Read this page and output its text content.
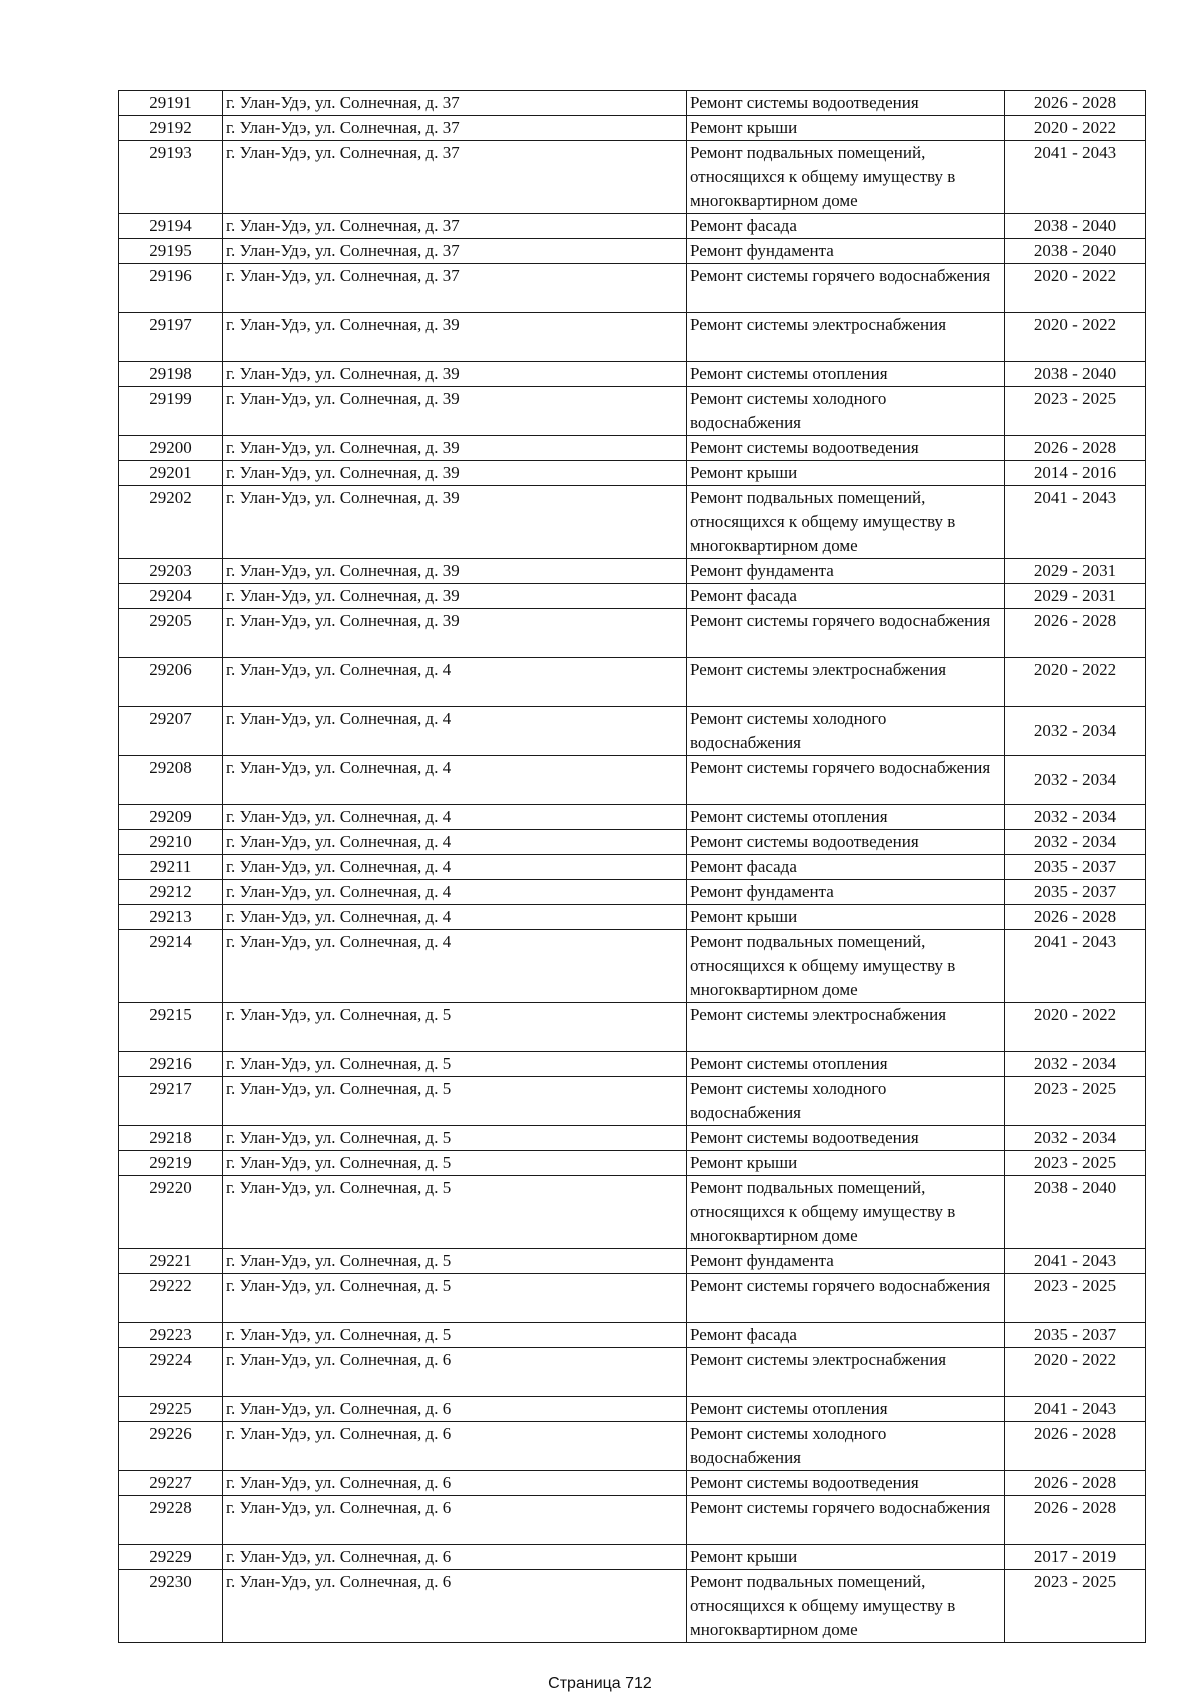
29191	г. Улан-Удэ, ул. Солнечная, д. 37	Ремонт системы водоотведения	2026 - 2028
29192	г. Улан-Удэ, ул. Солнечная, д. 37	Ремонт крыши	2020 - 2022
29193	г. Улан-Удэ, ул. Солнечная, д. 37	Ремонт подвальных помещений, относящихся к общему имуществу в многоквартирном доме	2041 - 2043
29194	г. Улан-Удэ, ул. Солнечная, д. 37	Ремонт фасада	2038 - 2040
29195	г. Улан-Удэ, ул. Солнечная, д. 37	Ремонт фундамента	2038 - 2040
29196	г. Улан-Удэ, ул. Солнечная, д. 37	Ремонт системы горячего водоснабжения	2020 - 2022
29197	г. Улан-Удэ, ул. Солнечная, д. 39	Ремонт системы электроснабжения	2020 - 2022
29198	г. Улан-Удэ, ул. Солнечная, д. 39	Ремонт системы отопления	2038 - 2040
29199	г. Улан-Удэ, ул. Солнечная, д. 39	Ремонт системы холодного водоснабжения	2023 - 2025
29200	г. Улан-Удэ, ул. Солнечная, д. 39	Ремонт системы водоотведения	2026 - 2028
29201	г. Улан-Удэ, ул. Солнечная, д. 39	Ремонт крыши	2014 - 2016
29202	г. Улан-Удэ, ул. Солнечная, д. 39	Ремонт подвальных помещений, относящихся к общему имуществу в многоквартирном доме	2041 - 2043
29203	г. Улан-Удэ, ул. Солнечная, д. 39	Ремонт фундамента	2029 - 2031
29204	г. Улан-Удэ, ул. Солнечная, д. 39	Ремонт фасада	2029 - 2031
29205	г. Улан-Удэ, ул. Солнечная, д. 39	Ремонт системы горячего водоснабжения	2026 - 2028
29206	г. Улан-Удэ, ул. Солнечная, д. 4	Ремонт системы электроснабжения	2020 - 2022
29207	г. Улан-Удэ, ул. Солнечная, д. 4	Ремонт системы холодного водоснабжения	2032 - 2034
29208	г. Улан-Удэ, ул. Солнечная, д. 4	Ремонт системы горячего водоснабжения	2032 - 2034
29209	г. Улан-Удэ, ул. Солнечная, д. 4	Ремонт системы отопления	2032 - 2034
29210	г. Улан-Удэ, ул. Солнечная, д. 4	Ремонт системы водоотведения	2032 - 2034
29211	г. Улан-Удэ, ул. Солнечная, д. 4	Ремонт фасада	2035 - 2037
29212	г. Улан-Удэ, ул. Солнечная, д. 4	Ремонт фундамента	2035 - 2037
29213	г. Улан-Удэ, ул. Солнечная, д. 4	Ремонт крыши	2026 - 2028
29214	г. Улан-Удэ, ул. Солнечная, д. 4	Ремонт подвальных помещений, относящихся к общему имуществу в многоквартирном доме	2041 - 2043
29215	г. Улан-Удэ, ул. Солнечная, д. 5	Ремонт системы электроснабжения	2020 - 2022
29216	г. Улан-Удэ, ул. Солнечная, д. 5	Ремонт системы отопления	2032 - 2034
29217	г. Улан-Удэ, ул. Солнечная, д. 5	Ремонт системы холодного водоснабжения	2023 - 2025
29218	г. Улан-Удэ, ул. Солнечная, д. 5	Ремонт системы водоотведения	2032 - 2034
29219	г. Улан-Удэ, ул. Солнечная, д. 5	Ремонт крыши	2023 - 2025
29220	г. Улан-Удэ, ул. Солнечная, д. 5	Ремонт подвальных помещений, относящихся к общему имуществу в многоквартирном доме	2038 - 2040
29221	г. Улан-Удэ, ул. Солнечная, д. 5	Ремонт фундамента	2041 - 2043
29222	г. Улан-Удэ, ул. Солнечная, д. 5	Ремонт системы горячего водоснабжения	2023 - 2025
29223	г. Улан-Удэ, ул. Солнечная, д. 5	Ремонт фасада	2035 - 2037
29224	г. Улан-Удэ, ул. Солнечная, д. 6	Ремонт системы электроснабжения	2020 - 2022
29225	г. Улан-Удэ, ул. Солнечная, д. 6	Ремонт системы отопления	2041 - 2043
29226	г. Улан-Удэ, ул. Солнечная, д. 6	Ремонт системы холодного водоснабжения	2026 - 2028
29227	г. Улан-Удэ, ул. Солнечная, д. 6	Ремонт системы водоотведения	2026 - 2028
29228	г. Улан-Удэ, ул. Солнечная, д. 6	Ремонт системы горячего водоснабжения	2026 - 2028
29229	г. Улан-Удэ, ул. Солнечная, д. 6	Ремонт крыши	2017 - 2019
29230	г. Улан-Удэ, ул. Солнечная, д. 6	Ремонт подвальных помещений, относящихся к общему имуществу в многоквартирном доме	2023 - 2025
Страница 712
